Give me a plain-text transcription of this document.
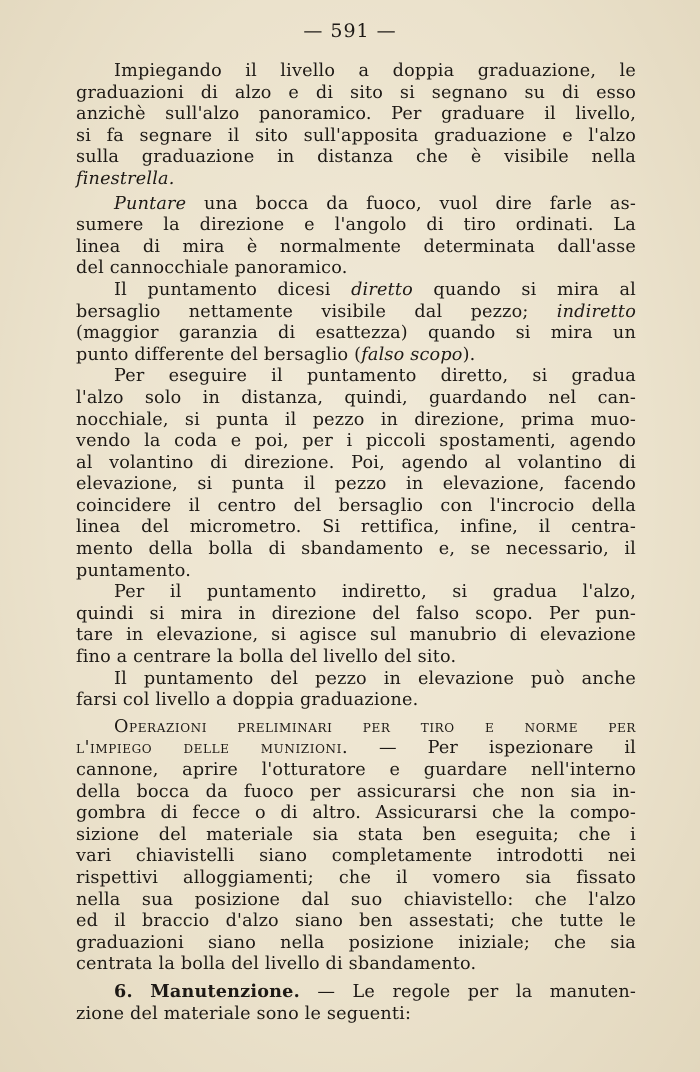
— 591 —
Impiegando il livello a doppia graduazione, le
graduazioni di alzo e di sito si segnano su di esso
anzichè sull'alzo panoramico. Per graduare il livello,
si fa segnare il sito sull'apposita graduazione e l'alzo
sulla graduazione in distanza che è visibile nella
finestrella.
Puntare una bocca da fuoco, vuol dire farle as-
sumere la direzione e l'angolo di tiro ordinati. La
linea di mira è normalmente determinata dall'asse
del cannocchiale panoramico.
Il puntamento dicesi diretto quando si mira al
bersaglio nettamente visibile dal pezzo; indiretto
(maggior garanzia di esattezza) quando si mira un
punto differente del bersaglio (falso scopo).
Per eseguire il puntamento diretto, si gradua
l'alzo solo in distanza, quindi, guardando nel can-
nocchiale, si punta il pezzo in direzione, prima muo-
vendo la coda e poi, per i piccoli spostamenti, agendo
al volantino di direzione. Poi, agendo al volantino di
elevazione, si punta il pezzo in elevazione, facendo
coincidere il centro del bersaglio con l'incrocio della
linea del micrometro. Si rettifica, infine, il centra-
mento della bolla di sbandamento e, se necessario, il
puntamento.
Per il puntamento indiretto, si gradua l'alzo,
quindi si mira in direzione del falso scopo. Per pun-
tare in elevazione, si agisce sul manubrio di elevazione
fino a centrare la bolla del livello del sito.
Il puntamento del pezzo in elevazione può anche
farsi col livello a doppia graduazione.
Operazioni preliminari per tiro e norme per
l'impiego delle munizioni. — Per ispezionare il
cannone, aprire l'otturatore e guardare nell'interno
della bocca da fuoco per assicurarsi che non sia in-
gombra di fecce o di altro. Assicurarsi che la compo-
sizione del materiale sia stata ben eseguita; che i
vari chiavistelli siano completamente introdotti nei
rispettivi alloggiamenti; che il vomero sia fissato
nella sua posizione dal suo chiavistello: che l'alzo
ed il braccio d'alzo siano ben assestati; che tutte le
graduazioni siano nella posizione iniziale; che sia
centrata la bolla del livello di sbandamento.
6. Manutenzione. — Le regole per la manuten-
zione del materiale sono le seguenti:
